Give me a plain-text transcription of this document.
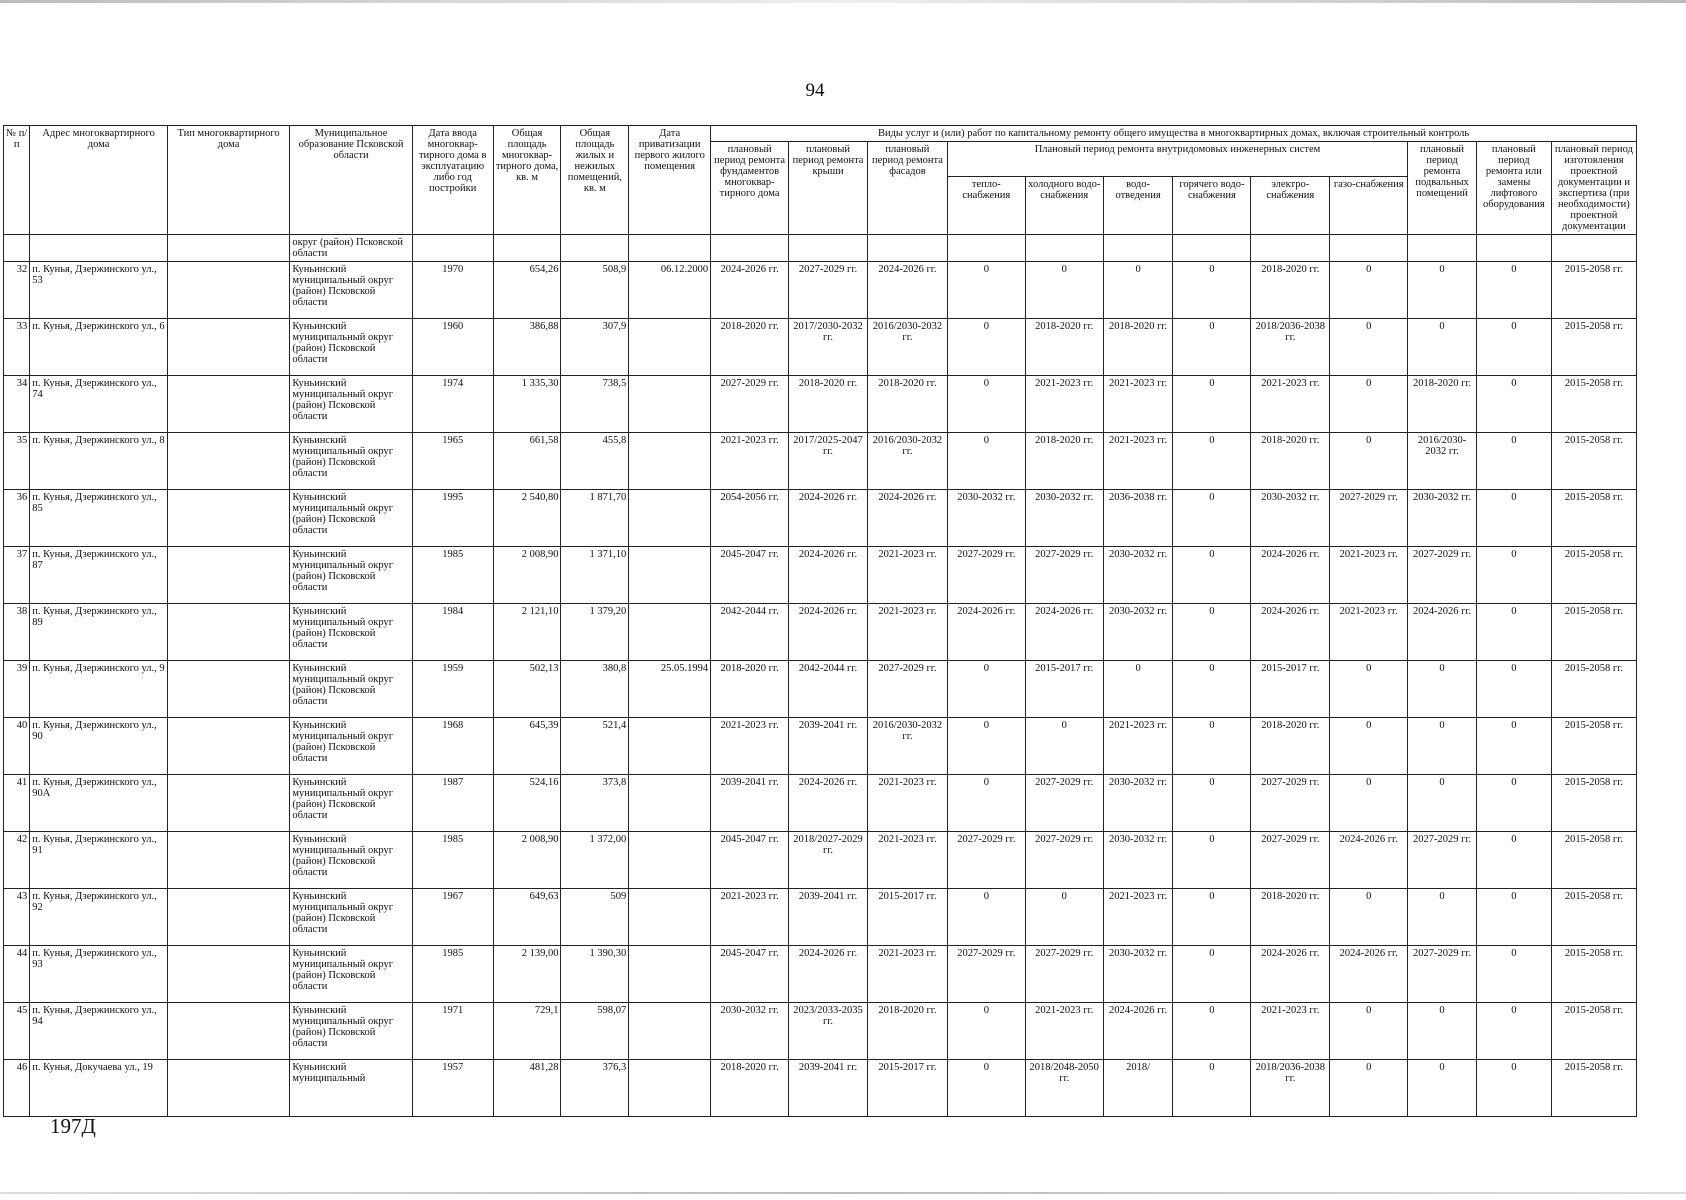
94
№ п/п	Адрес многоквартирного дома	Тип многоквартирного дома	Муниципальное образование Псковской области	Дата ввода многоквар-тирного дома в эксплуатацию либо год постройки	Общая площадь многоквар-тирного дома, кв. м	Общая площадь жилых и нежилых помещений, кв. м	Дата приватизации первого жилого помещения	Виды услуг и (или) работ по капитальному ремонту общего имущества в многоквартирных домах, включая строительный контроль											
								плановый период ремонта фундаментов многоквар-тирного дома	плановый период ремонта крыши	плановый период ремонта фасадов	Плановый период ремонта внутридомовых инженерных систем						плановый период ремонта подвальных помещений	плановый период ремонта или замены лифтового оборудования	плановый период изготовления проектной документации и экспертиза (при необходимости) проектной документации
											тепло-снабжения	холодного водо-снабжения	водо-отведения	горячего водо-снабжения	электро-снабжения	газо-снабжения			
			округ (район) Псковской области																
32	п. Кунья, Дзержинского ул., 53		Куньинский муниципальный округ (район) Псковской области	1970	654,26	508,9	06.12.2000	2024-2026 гг.	2027-2029 гг.	2024-2026 гг.	0	0	0	0	2018-2020 гг.	0	0	0	2015-2058 гг.
33	п. Кунья, Дзержинского ул., 6		Куньинский муниципальный округ (район) Псковской области	1960	386,88	307,9		2018-2020 гг.	2017/2030-2032 гг.	2016/2030-2032 гг.	0	2018-2020 гг.	2018-2020 гг.	0	2018/2036-2038 гг.	0	0	0	2015-2058 гг.
34	п. Кунья, Дзержинского ул., 74		Куньинский муниципальный округ (район) Псковской области	1974	1 335,30	738,5		2027-2029 гг.	2018-2020 гг.	2018-2020 гг.	0	2021-2023 гг.	2021-2023 гг.	0	2021-2023 гг.	0	2018-2020 гг.	0	2015-2058 гг.
35	п. Кунья, Дзержинского ул., 8		Куньинский муниципальный округ (район) Псковской области	1965	661,58	455,8		2021-2023 гг.	2017/2025-2047 гг.	2016/2030-2032 гг.	0	2018-2020 гг.	2021-2023 гг.	0	2018-2020 гг.	0	2016/2030-2032 гг.	0	2015-2058 гг.
36	п. Кунья, Дзержинского ул., 85		Куньинский муниципальный округ (район) Псковской области	1995	2 540,80	1 871,70		2054-2056 гг.	2024-2026 гг.	2024-2026 гг.	2030-2032 гг.	2030-2032 гг.	2036-2038 гг.	0	2030-2032 гг.	2027-2029 гг.	2030-2032 гг.	0	2015-2058 гг.
37	п. Кунья, Дзержинского ул., 87		Куньинский муниципальный округ (район) Псковской области	1985	2 008,90	1 371,10		2045-2047 гг.	2024-2026 гг.	2021-2023 гг.	2027-2029 гг.	2027-2029 гг.	2030-2032 гг.	0	2024-2026 гг.	2021-2023 гг.	2027-2029 гг.	0	2015-2058 гг.
38	п. Кунья, Дзержинского ул., 89		Куньинский муниципальный округ (район) Псковской области	1984	2 121,10	1 379,20		2042-2044 гг.	2024-2026 гг.	2021-2023 гг.	2024-2026 гг.	2024-2026 гг.	2030-2032 гг.	0	2024-2026 гг.	2021-2023 гг.	2024-2026 гг.	0	2015-2058 гг.
39	п. Кунья, Дзержинского ул., 9		Куньинский муниципальный округ (район) Псковской области	1959	502,13	380,8	25.05.1994	2018-2020 гг.	2042-2044 гг.	2027-2029 гг.	0	2015-2017 гг.	0	0	2015-2017 гг.	0	0	0	2015-2058 гг.
40	п. Кунья, Дзержинского ул., 90		Куньинский муниципальный округ (район) Псковской области	1968	645,39	521,4		2021-2023 гг.	2039-2041 гг.	2016/2030-2032 гг.	0	0	2021-2023 гг.	0	2018-2020 гг.	0	0	0	2015-2058 гг.
41	п. Кунья, Дзержинского ул., 90А		Куньинский муниципальный округ (район) Псковской области	1987	524,16	373,8		2039-2041 гг.	2024-2026 гг.	2021-2023 гг.	0	2027-2029 гг.	2030-2032 гг.	0	2027-2029 гг.	0	0	0	2015-2058 гг.
42	п. Кунья, Дзержинского ул., 91		Куньинский муниципальный округ (район) Псковской области	1985	2 008,90	1 372,00		2045-2047 гг.	2018/2027-2029 гг.	2021-2023 гг.	2027-2029 гг.	2027-2029 гг.	2030-2032 гг.	0	2027-2029 гг.	2024-2026 гг.	2027-2029 гг.	0	2015-2058 гг.
43	п. Кунья, Дзержинского ул., 92		Куньинский муниципальный округ (район) Псковской области	1967	649,63	509		2021-2023 гг.	2039-2041 гг.	2015-2017 гг.	0	0	2021-2023 гг.	0	2018-2020 гг.	0	0	0	2015-2058 гг.
44	п. Кунья, Дзержинского ул., 93		Куньинский муниципальный округ (район) Псковской области	1985	2 139,00	1 390,30		2045-2047 гг.	2024-2026 гг.	2021-2023 гг.	2027-2029 гг.	2027-2029 гг.	2030-2032 гг.	0	2024-2026 гг.	2024-2026 гг.	2027-2029 гг.	0	2015-2058 гг.
45	п. Кунья, Дзержинского ул., 94		Куньинский муниципальный округ (район) Псковской области	1971	729,1	598,07		2030-2032 гг.	2023/2033-2035 гг.	2018-2020 гг.	0	2021-2023 гг.	2024-2026 гг.	0	2021-2023 гг.	0	0	0	2015-2058 гг.
46	п. Кунья, Докучаева ул., 19		Куньинский муниципальный	1957	481,28	376,3		2018-2020 гг.	2039-2041 гг.	2015-2017 гг.	0	2018/2048-2050 гг.	2018/	0	2018/2036-2038 гг.	0	0	0	2015-2058 гг.
197Д
